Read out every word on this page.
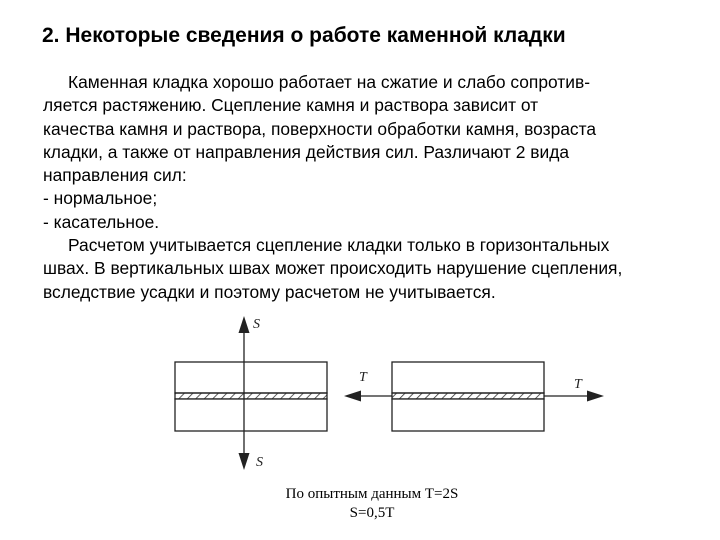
2. Некоторые сведения о работе каменной кладки
Каменная кладка хорошо работает на сжатие и слабо сопротив-
ляется растяжению. Сцепление камня и раствора зависит от
качества камня и раствора, поверхности обработки камня, возраста
кладки, а также от направления действия сил. Различают 2 вида
направления сил:
- нормальное;
- касательное.
Расчетом учитывается сцепление кладки только в горизонтальных
швах. В вертикальных швах может происходить нарушение сцепления,
вследствие усадки и поэтому расчетом не учитывается.
S
S
T	T
По опытным данным Т=2S
S=0,5Т
